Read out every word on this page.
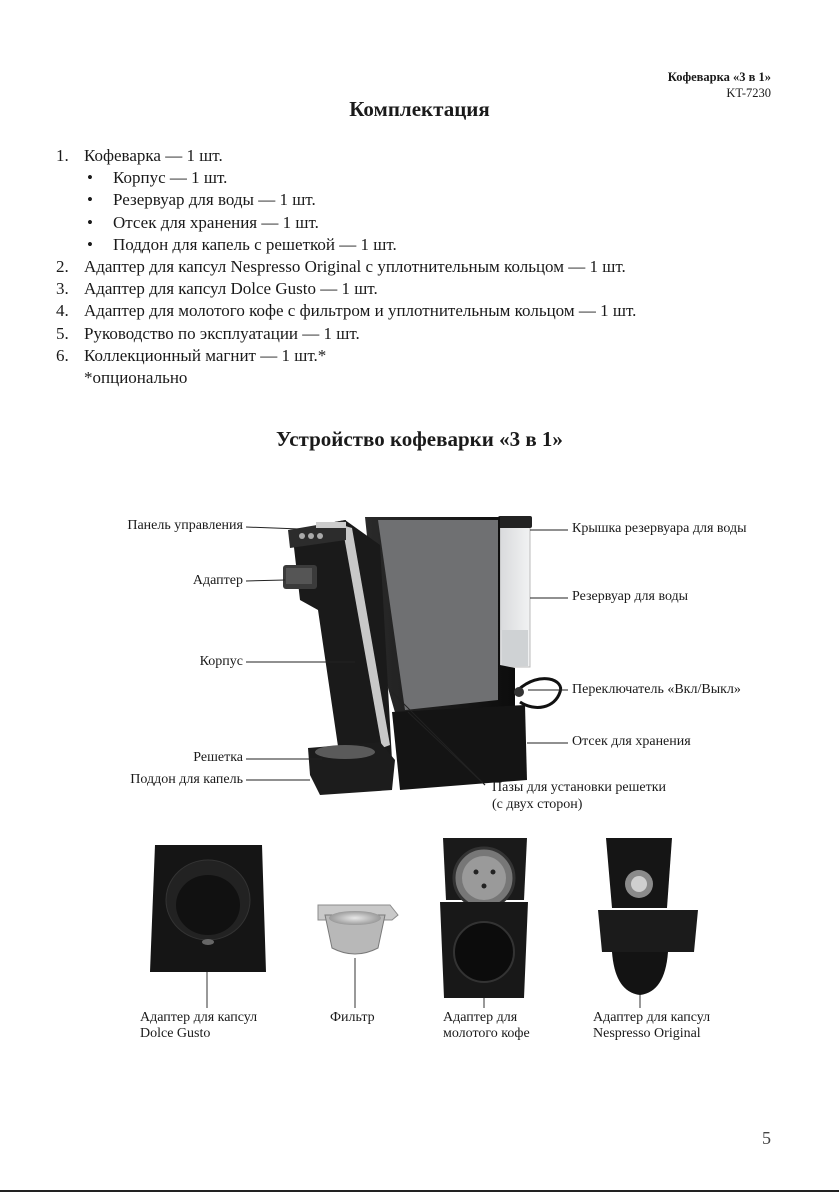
Кофеварка «3 в 1»
KT-7230
Комплектация
1. Кофеварка — 1 шт.
• Корпус — 1 шт.
• Резервуар для воды — 1 шт.
• Отсек для хранения — 1 шт.
• Поддон для капель с решеткой — 1 шт.
2. Адаптер для капсул Nespresso Original с уплотнительным кольцом — 1 шт.
3. Адаптер для капсул Dolce Gusto — 1 шт.
4. Адаптер для молотого кофе с фильтром и уплотнительным кольцом — 1 шт.
5. Руководство по эксплуатации — 1 шт.
6. Коллекционный магнит — 1 шт.*
*опционально
Устройство кофеварки «3 в 1»
Панель управления
Адаптер
Корпус
Решетка
Поддон для капель
Крышка резервуара для воды
Резервуар для воды
Переключатель «Вкл/Выкл»
Отсек для хранения
Пазы для установки решетки
(с двух сторон)
Адаптер для капсул
Dolce Gusto
Фильтр	Адаптер для
молотого кофе
Адаптер для капсул
Nespresso Original
5
